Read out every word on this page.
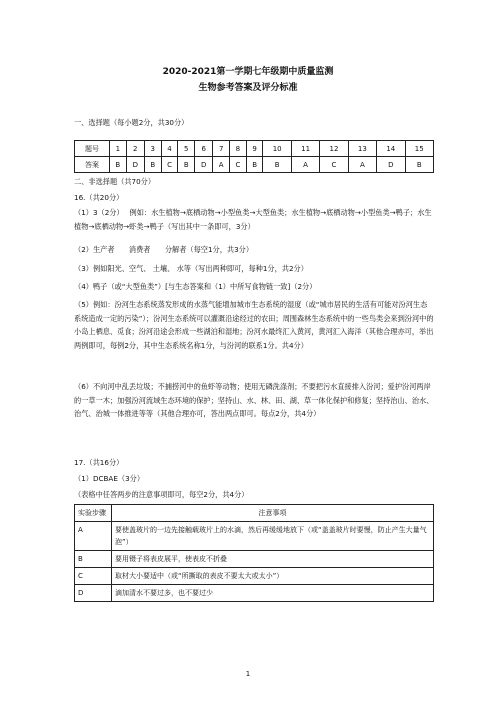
2020-2021第一学期七年级期中质量监测
生物参考答案及评分标准
一、选择题（每小题2分，共30分）
题号	1	2	3	4	5	6	7	8	9	10	11	12	13	14	15
答案	B	D	B	C	B	D	A	C	B	B	A	C	A	D	B
二、非选择题（共70分）
16.（共20分）
（1）3（2分）　 例如：水生植物→底栖动物→小型鱼类→大型鱼类；水生植物→底栖动物→小型鱼类→鸭子；水生植物→底栖动物→虾类→鸭子（写出其中一条即可，3分）
（2）生产者　　消费者　　分解者（每空1分，共3分）
（3）例如阳光、空气、 土壤、 水等（写出两种即可，每种1分，共2分）
（4）鸭子（或“大型鱼类”）[与生态答案和（1）中所写食物链一致]（2分）
（5）例如：汾河生态系统蒸发形成的水蒸气能增加城市生态系统的湿度（或“城市居民的生活有可能对汾河生态系统造成一定的污染”）；汾河生态系统可以灌溉沿途经过的农田；周围森林生态系统中的一些鸟类会来到汾河中的小岛上栖息、觅食；汾河沿途会形成一些湖泊和湿地；汾河水最终汇入黄河，黄河汇入海洋（其他合理亦可，举出两例即可，每例2分，其中生态系统名称1分，与汾河的联系1分。共4分）
（6）不向河中乱丢垃圾；不捕捞河中的鱼虾等动物；使用无磷洗涤剂；不要把污水直接排入汾河；爱护汾河两岸的一草一木；加强汾河流域生态环境的保护；坚持山、水、林、田、湖、草一体化保护和修复；坚持治山、治水、治气、治城一体推进等等（其他合理亦可，答出两点即可。每点2分，共4分）
17.（共16分）
（1）DCBAE（3分）
（表格中任答两步的注意事项即可，每空2分，共4分）
实验步骤	注意事项
A	要使盖玻片的一边先接触载玻片上的水滴，然后再缓缓地放下（或“盖盖玻片时要慢，防止产生大量气泡”）
B	要用镊子将表皮展平，使表皮不折叠
C	取材大小要适中（或“所撕取的表皮不要太大或太小”）
D	滴加清水不要过多，也不要过少
1
